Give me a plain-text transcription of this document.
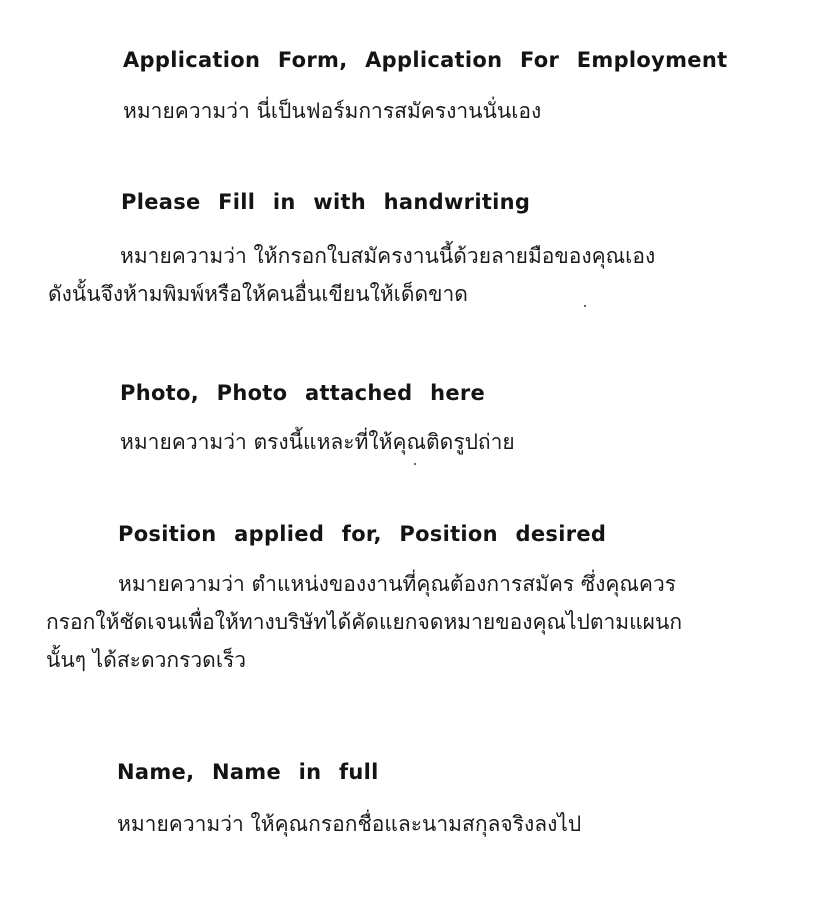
Application Form, Application For Employment
หมายความว่า นี่เป็นฟอร์มการสมัครงานนั่นเอง
Please Fill in with handwriting
หมายความว่า ให้กรอกใบสมัครงานนี้ด้วยลายมือของคุณเอง
ดังนั้นจึงห้ามพิมพ์หรือให้คนอื่นเขียนให้เด็ดขาด
Photo, Photo attached here
หมายความว่า ตรงนี้แหละที่ให้คุณติดรูปถ่าย
Position applied for, Position desired
หมายความว่า ตำแหน่งของงานที่คุณต้องการสมัคร ซึ่งคุณควร
กรอกให้ชัดเจนเพื่อให้ทางบริษัทได้คัดแยกจดหมายของคุณไปตามแผนก
นั้นๆ ได้สะดวกรวดเร็ว
Name, Name in full
หมายความว่า ให้คุณกรอกชื่อและนามสกุลจริงลงไป
